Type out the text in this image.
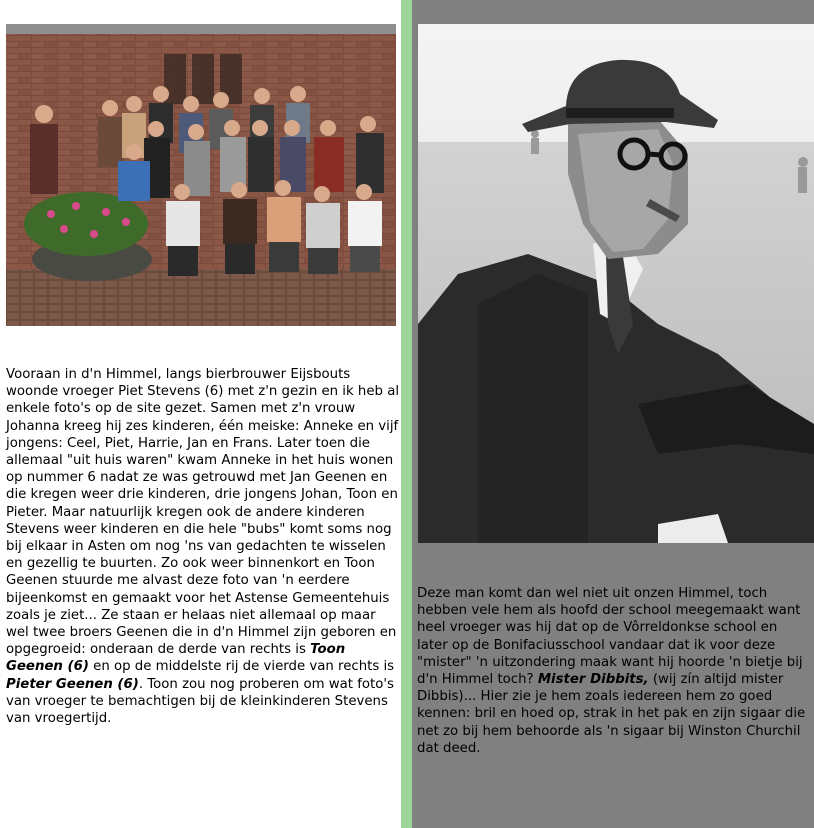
Vooraan in d'n Himmel, langs bierbrouwer Eijsbouts woonde vroeger Piet Stevens (6) met z'n gezin en ik heb al enkele foto's op de site gezet. Samen met z'n vrouw Johanna kreeg hij zes kinderen, één meiske: Anneke en vijf jongens: Ceel, Piet, Harrie, Jan en Frans. Later toen die allemaal "uit huis waren" kwam Anneke in het huis wonen op nummer 6 nadat ze was getrouwd met Jan Geenen en die kregen weer drie kinderen, drie jongens Johan, Toon en Pieter. Maar natuurlijk kregen ook de andere kinderen Stevens weer kinderen en die hele "bubs" komt soms nog bij elkaar in Asten om nog 'ns van gedachten te wisselen en gezellig te buurten. Zo ook weer binnenkort en Toon Geenen stuurde me alvast deze foto van 'n eerdere bijeenkomst en gemaakt voor het Astense Gemeentehuis zoals je ziet... Ze staan er helaas niet allemaal op maar wel twee broers Geenen die in d'n Himmel zijn geboren en opgegroeid: onderaan de derde van rechts is Toon Geenen (6) en op de middelste rij de vierde van rechts is Pieter Geenen (6). Toon zou nog proberen om wat foto's van vroeger te bemachtigen bij de kleinkinderen Stevens van vroegertijd.

Deze man komt dan wel niet uit onzen Himmel, toch hebben vele hem als hoofd der school meegemaakt want heel vroeger was hij dat op de Vôrreldonkse school en later op de Bonifaciusschool vandaar dat ik voor deze "mister" 'n uitzondering maak want hij hoorde 'n bietje bij d'n Himmel toch? Mister Dibbits, (wij zín altijd mister Dibbis)... Hier zie je hem zoals iedereen hem zo goed kennen: bril en hoed op, strak in het pak en zijn sigaar die net zo bij hem behoorde als 'n sigaar bij Winston Churchil dat deed.
